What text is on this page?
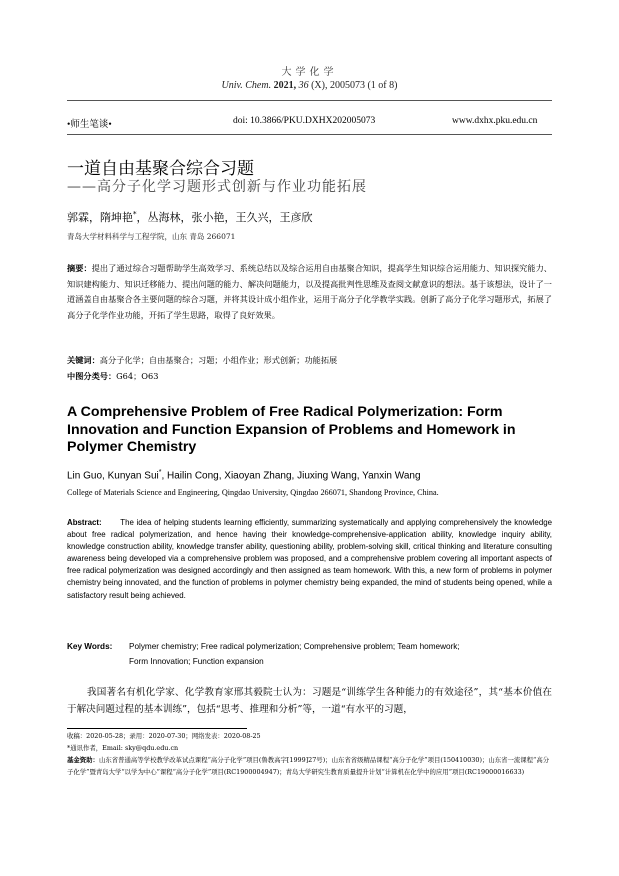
大学化学
Univ. Chem. 2021, 36 (X), 2005073 (1 of 8)
•师生笔谈•	doi: 10.3866/PKU.DXHX202005073	www.dxhx.pku.edu.cn
一道自由基聚合综合习题
——高分子化学习题形式创新与作业功能拓展
郭霖，隋坤艳*，丛海林，张小艳，王久兴，王彦欣
青岛大学材料科学与工程学院，山东 青岛 266071
摘要：提出了通过综合习题帮助学生高效学习、系统总结以及综合运用自由基聚合知识，提高学生知识综合运用能力、知识探究能力、知识建构能力、知识迁移能力、提出问题的能力、解决问题能力，以及提高批判性思维及查阅文献意识的想法。基于该想法，设计了一道涵盖自由基聚合各主要问题的综合习题，并将其设计成小组作业，运用于高分子化学教学实践。创新了高分子化学习题形式，拓展了高分子化学作业功能，开拓了学生思路，取得了良好效果。
关键词：高分子化学；自由基聚合；习题；小组作业；形式创新；功能拓展
中图分类号：G64；O63
A Comprehensive Problem of Free Radical Polymerization: Form Innovation and Function Expansion of Problems and Homework in Polymer Chemistry
Lin Guo, Kunyan Sui*, Hailin Cong, Xiaoyan Zhang, Jiuxing Wang, Yanxin Wang
College of Materials Science and Engineering, Qingdao University, Qingdao 266071, Shandong Province, China.
Abstract: The idea of helping students learning efficiently, summarizing systematically and applying comprehensively the knowledge about free radical polymerization, and hence having their knowledge-comprehensive-application ability, knowledge inquiry ability, knowledge construction ability, knowledge transfer ability, questioning ability, problem-solving skill, critical thinking and literature consulting awareness being developed via a comprehensive problem was proposed, and a comprehensive problem covering all important aspects of free radical polymerization was designed accordingly and then assigned as team homework. With this, a new form of problems in polymer chemistry being innovated, and the function of problems in polymer chemistry being expanded, the mind of students being opened, while a satisfactory result being achieved.
Key Words: Polymer chemistry; Free radical polymerization; Comprehensive problem; Team homework;
Form Innovation; Function expansion
我国著名有机化学家、化学教育家邢其毅院士认为：习题是“训练学生各种能力的有效途径”，其“基本价值在于解决问题过程的基本训练”，包括“思考、推理和分析”等，一道“有水平的习题，
收稿：2020-05-28；录用：2020-07-30；网络发表：2020-08-25
*通讯作者，Email: sky@qdu.edu.cn
基金资助：山东省普通高等学校教学改革试点课程“高分子化学”项目(鲁教高字[1999]27号)；山东省省级精品课程“高分子化学”项目(150410030)；山东省一流课程“高分子化学”暨青岛大学“以学为中心”课程“高分子化学”项目(RC1900004947)；青岛大学研究生教育质量提升计划“计算机在化学中的应用”项目(RC19000016633)
